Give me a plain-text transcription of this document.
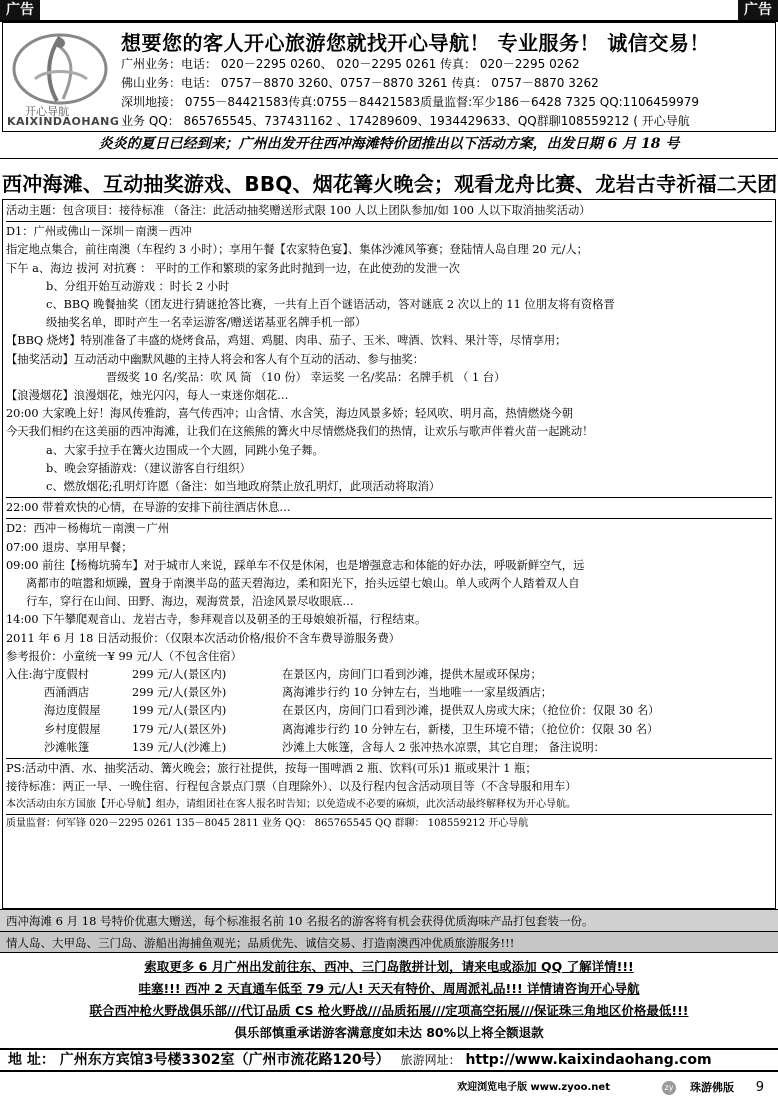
广告	广告
开心导航
KAIXINDAOHANG
想要您的客人开心旅游您就找开心导航！ 专业服务！ 诚信交易！

广州业务：电话： 020－2295 0260、 020－2295 0261 传真： 020－2295 0262

佛山业务：电话： 0757－8870 3260、0757－8870 3261 传真： 0757－8870 3262

深圳地接： 0755－84421583传真:0755－84421583质量监督:军少186－6428 7325 QQ:1106459979

业务 QQ： 865765545、737431162 、174289609、1934429633、QQ群聊108559212 ( 开心导航

炎炎的夏日已经到来；广州出发开往西冲海滩特价团推出以下活动方案，出发日期 6 月 18 号
西冲海滩、互动抽奖游戏、BBQ、烟花篝火晚会；观看龙舟比赛、龙岩古寺祈福二天团

活动主题：包含项目：接待标准 （备注：此活动抽奖赠送形式限 100 人以上团队参加/如 100 人以下取消抽奖活动）

D1：广州或佛山－深圳－南澳－西冲

指定地点集合，前往南澳（车程约 3 小时）；享用午餐【农家特色宴】、集体沙滩风筝赛；登陆情人岛自理 20 元/人；

下午 a、海边 拔河 对抗赛 ： 平时的工作和繁琐的家务此时抛到一边，在此使劲的发泄一次

b、分组开始互动游戏 ：时长 2 小时

c、BBQ 晚餐抽奖（团友进行猜谜抢答比赛，一共有上百个谜语活动，答对谜底 2 次以上的 11 位朋友将有资格晋

级抽奖名单，即时产生一名幸运游客/赠送诺基亚名牌手机一部）

【BBQ 烧烤】特别准备了丰盛的烧烤食品，鸡翅、鸡腿、肉串、茄子、玉米、啤酒、饮料、果汁等，尽情享用；

【抽奖活动】互动活动中幽默风趣的主持人将会和客人有个互动的活动、参与抽奖：

晋级奖 10 名/奖品：吹 风 筒 （10 份） 幸运奖 一名/奖品：名牌手机 （ 1 台）

【浪漫烟花】浪漫烟花，烛光闪闪，每人一束迷你烟花…

20:00 大家晚上好！海风传雅韵，喜气传西冲；山含情、水含笑，海边风景多娇；轻风吹、明月高，热情燃烧今朝

今天我们相约在这美丽的西冲海滩，让我们在这熊熊的篝火中尽情燃烧我们的热情，让欢乐与歌声伴着火苗一起跳动！

a、大家手拉手在篝火边围成一个大圆，同跳小兔子舞。

b、晚会穿插游戏：（建议游客自行组织）

c、燃放烟花;孔明灯许愿（备注：如当地政府禁止放孔明灯，此项活动将取消）

22:00 带着欢快的心情，在导游的安排下前往酒店休息…

D2：西冲－杨梅坑－南澳－广州

07:00 退房、享用早餐；

09:00 前往【杨梅坑骑车】对于城市人来说，踩单车不仅是休闲，也是增强意志和体能的好办法，呼吸新鲜空气，远

离都市的喧嚣和烦躁，置身于南澳半岛的蓝天碧海边，柔和阳光下，抬头远望七娘山。单人或两个人踏着双人自

行车，穿行在山间、田野、海边，观海赏景，沿途风景尽收眼底…

14:00 下午攀爬观音山、龙岩古寺，参拜观音以及朝圣的王母娘娘祈福，行程结束。

2011 年 6 月 18 日活动报价：（仅限本次活动价格/报价不含车费导游服务费）

参考报价：小童统一¥ 99 元/人（不包含住宿）

入住:海宁度假村	299 元/人(景区内)	在景区内，房间门口看到沙滩，提供木屋或环保房；
西涌酒店	299 元/人(景区外)	离海滩步行约 10 分钟左右，当地唯一一家星级酒店；
海边度假屋	199 元/人(景区内)	在景区内，房间门口看到沙滩，提供双人房或大床；（抢位价：仅限 30 名）
乡村度假屋	179 元/人(景区外)	离海滩步行约 10 分钟左右，新楼，卫生环境不错；（抢位价：仅限 30 名）
沙滩帐篷	139 元/人(沙滩上)	沙滩上大帐篷，含每人 2 张冲热水凉票，其它自理； 备注说明：

PS:活动中酒、水、抽奖活动、篝火晚会；旅行社提供，按每一围啤酒 2 瓶、饮料(可乐)1 瓶或果汁 1 瓶；

接待标准：两正一早、一晚住宿、行程包含景点门票（自理除外）、以及行程内包含活动项目等（不含导服和用车）

本次活动由东方国旅【开心导航】组办，请组团社在客人报名时告知；以免造成不必要的麻烦，此次活动最终解释权为开心导航。

质量监督：何军锋 020－2295 0261 135－8045 2811 业务 QQ： 865765545 QQ 群聊： 108559212 开心导航

西冲海滩 6 月 18 号特价优惠大赠送，每个标准报名前 10 名报名的游客将有机会获得优质海味产品打包套装一份。
情人岛、大甲岛、三门岛、游船出海捕鱼观光；品质优先、诚信交易、打造南澳西冲优质旅游服务!!!

索取更多 6 月广州出发前往东、西冲、三门岛散拼计划，请来电或添加 QQ 了解详情!!!

哇塞!!! 西冲 2 天直通车低至 79 元/人! 天天有特价、周周派礼品!!! 详情请咨询开心导航

联合西冲枪火野战俱乐部///代订品质 CS 枪火野战///品质拓展///定项高空拓展///保证珠三角地区价格最低!!!

俱乐部慎重承诺游客满意度如未达 80%以上将全额退款

地 址： 广州东方宾馆3号楼3302室（广州市流花路120号） 旅游网址： http://www.kaixindaohang.com
欢迎浏览电子版 www.zyoo.net	zy 珠游佛版 9
